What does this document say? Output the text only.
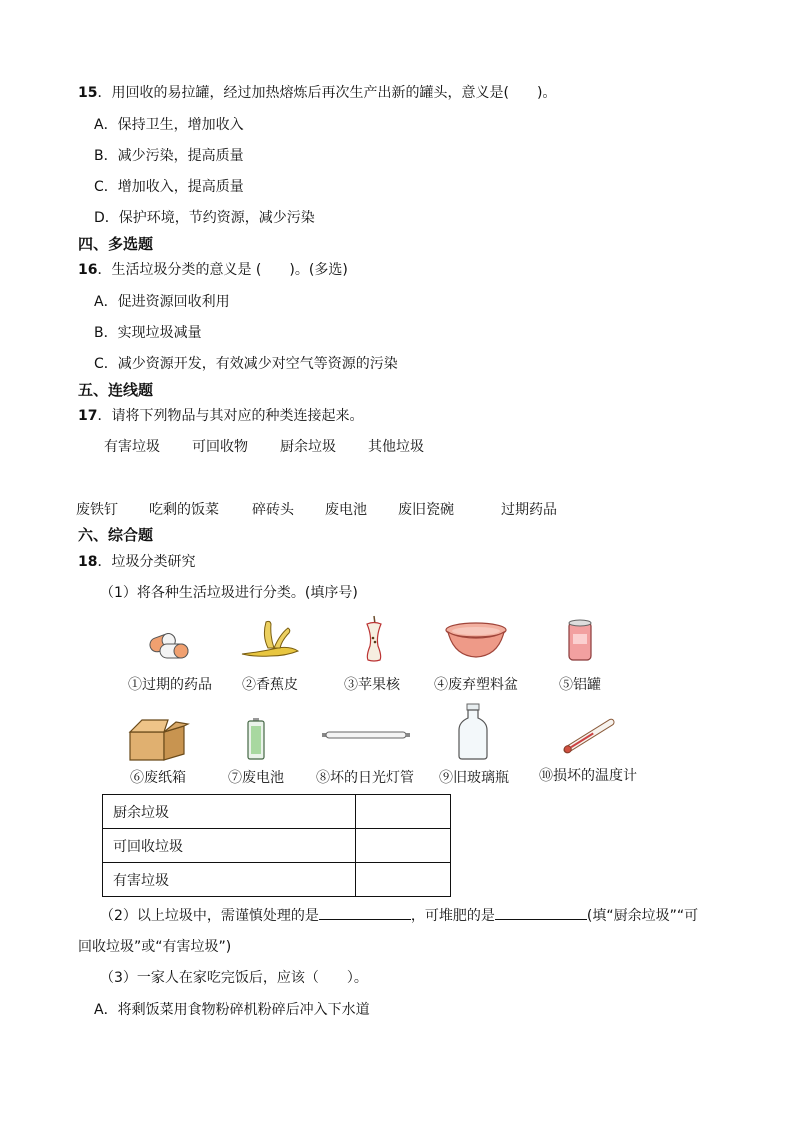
15．用回收的易拉罐，经过加热熔炼后再次生产出新的罐头，意义是(　　)。
A．保持卫生，增加收入
B．减少污染，提高质量
C．增加收入，提高质量
D．保护环境，节约资源，减少污染
四、多选题
16．生活垃圾分类的意义是 (　　)。(多选)
A．促进资源回收利用
B．实现垃圾减量
C．减少资源开发，有效减少对空气等资源的污染
五、连线题
17．请将下列物品与其对应的种类连接起来。
有害垃圾 可回收物 厨余垃圾 其他垃圾
废铁钉 吃剩的饭菜 碎砖头 废电池 废旧瓷碗	过期药品
六、综合题
18．垃圾分类研究
（1）将各种生活垃圾进行分类。(填序号)
①过期的药品	②香蕉皮	③苹果核	④废弃塑料盆	⑤铝罐
⑥废纸箱	⑦废电池	⑧坏的日光灯管	⑨旧玻璃瓶	⑩损坏的温度计
厨余垃圾	
可回收垃圾	
有害垃圾	
（2）以上垃圾中，需谨慎处理的是	，可堆肥的是	(填“厨余垃圾”“可
回收垃圾”或“有害垃圾”)
（3）一家人在家吃完饭后，应该（　　）。
A．将剩饭菜用食物粉碎机粉碎后冲入下水道
